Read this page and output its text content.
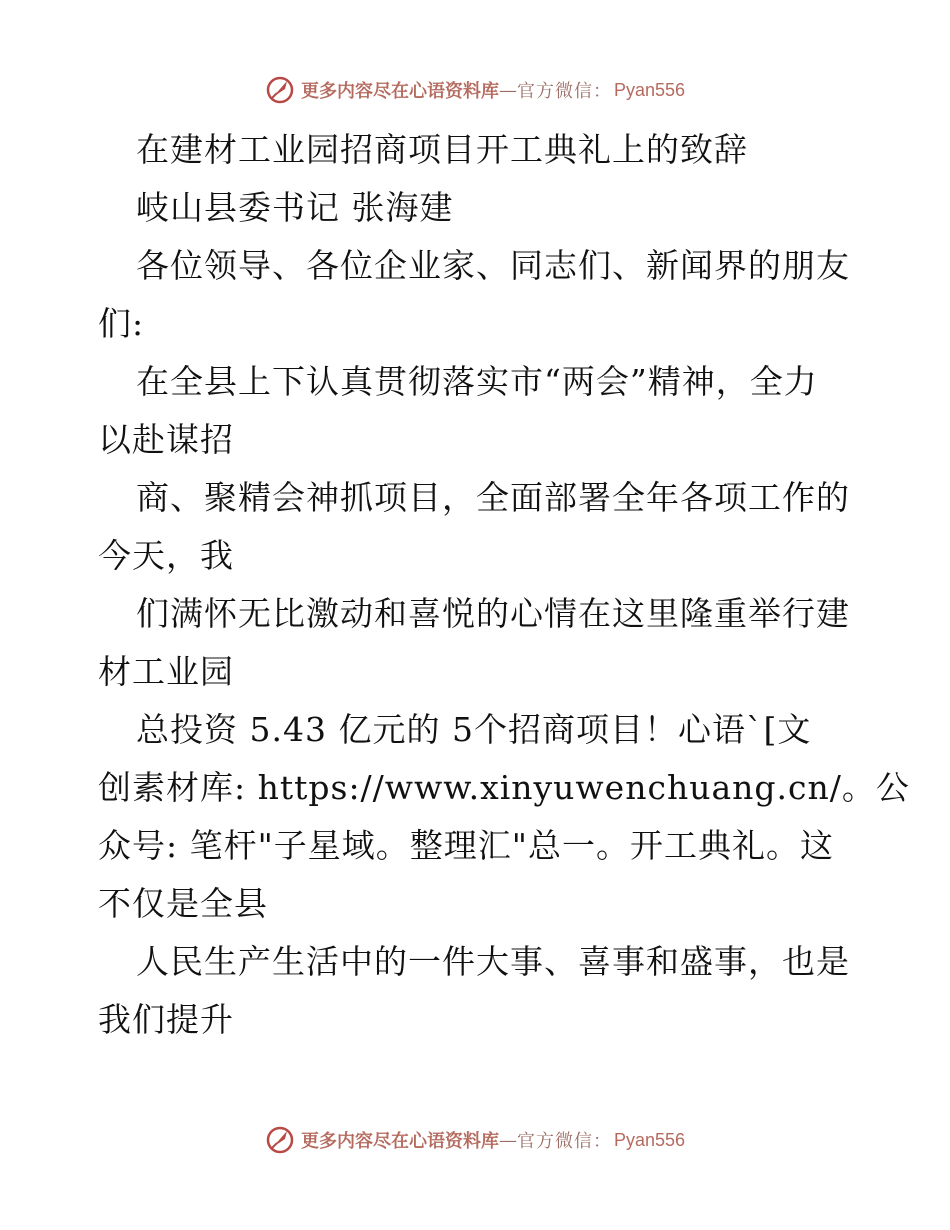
更多内容尽在心语资料库 — 官方微信： Pyan556
在建材工业园招商项目开工典礼上的致辞
岐山县委书记 张海建
各位领导、各位企业家、同志们、新闻界的朋友
们:
在全县上下认真贯彻落实市“两会”精神，全力
以赴谋招
商、聚精会神抓项目，全面部署全年各项工作的
今天，我
们满怀无比激动和喜悦的心情在这里隆重举行建
材工业园
总投资 5.43 亿元的 5个招商项目！心语`[文
创素材库: https://www.xinyuwenchuang.cn/。公
众号: 笔杆"子星域。整理汇"总一。开工典礼。这
不仅是全县
人民生产生活中的一件大事、喜事和盛事，也是
我们提升
更多内容尽在心语资料库 — 官方微信： Pyan556
